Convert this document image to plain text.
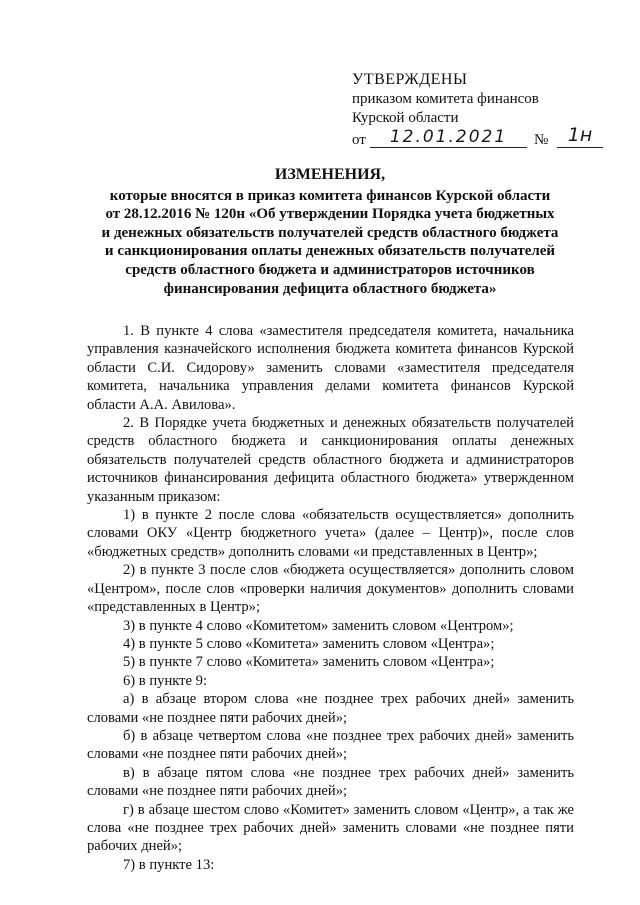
УТВЕРЖДЕНЫ
приказом комитета финансов
Курской области
от	12.01.2021	№	1н
ИЗМЕНЕНИЯ,
которые вносятся в приказ комитета финансов Курской области
от 28.12.2016 № 120н «Об утверждении Порядка учета бюджетных
и денежных обязательств получателей средств областного бюджета
и санкционирования оплаты денежных обязательств получателей
средств областного бюджета и администраторов источников
финансирования дефицита областного бюджета»

1. В пункте 4 слова «заместителя председателя комитета, начальника управления казначейского исполнения бюджета комитета финансов Курской области С.И. Сидорову» заменить словами «заместителя председателя комитета, начальника управления делами комитета финансов Курской области А.А. Авилова».

2. В Порядке учета бюджетных и денежных обязательств получателей средств областного бюджета и санкционирования оплаты денежных обязательств получателей средств областного бюджета и администраторов источников финансирования дефицита областного бюджета» утвержденном указанным приказом:

1) в пункте 2 после слова «обязательств осуществляется» дополнить словами ОКУ «Центр бюджетного учета» (далее – Центр)», после слов «бюджетных средств» дополнить словами «и представленных в Центр»;

2) в пункте 3 после слов «бюджета осуществляется» дополнить словом «Центром», после слов «проверки наличия документов» дополнить словами «представленных в Центр»;

3) в пункте 4 слово «Комитетом» заменить словом «Центром»;

4) в пункте 5 слово «Комитета» заменить словом «Центра»;

5) в пункте 7 слово «Комитета» заменить словом «Центра»;

6) в пункте 9:

а) в абзаце втором слова «не позднее трех рабочих дней» заменить словами «не позднее пяти рабочих дней»;

б) в абзаце четвертом слова «не позднее трех рабочих дней» заменить словами «не позднее пяти рабочих дней»;

в) в абзаце пятом слова «не позднее трех рабочих дней» заменить словами «не позднее пяти рабочих дней»;

г) в абзаце шестом слово «Комитет» заменить словом «Центр», а так же слова «не позднее трех рабочих дней» заменить словами «не позднее пяти рабочих дней»;

7) в пункте 13:
